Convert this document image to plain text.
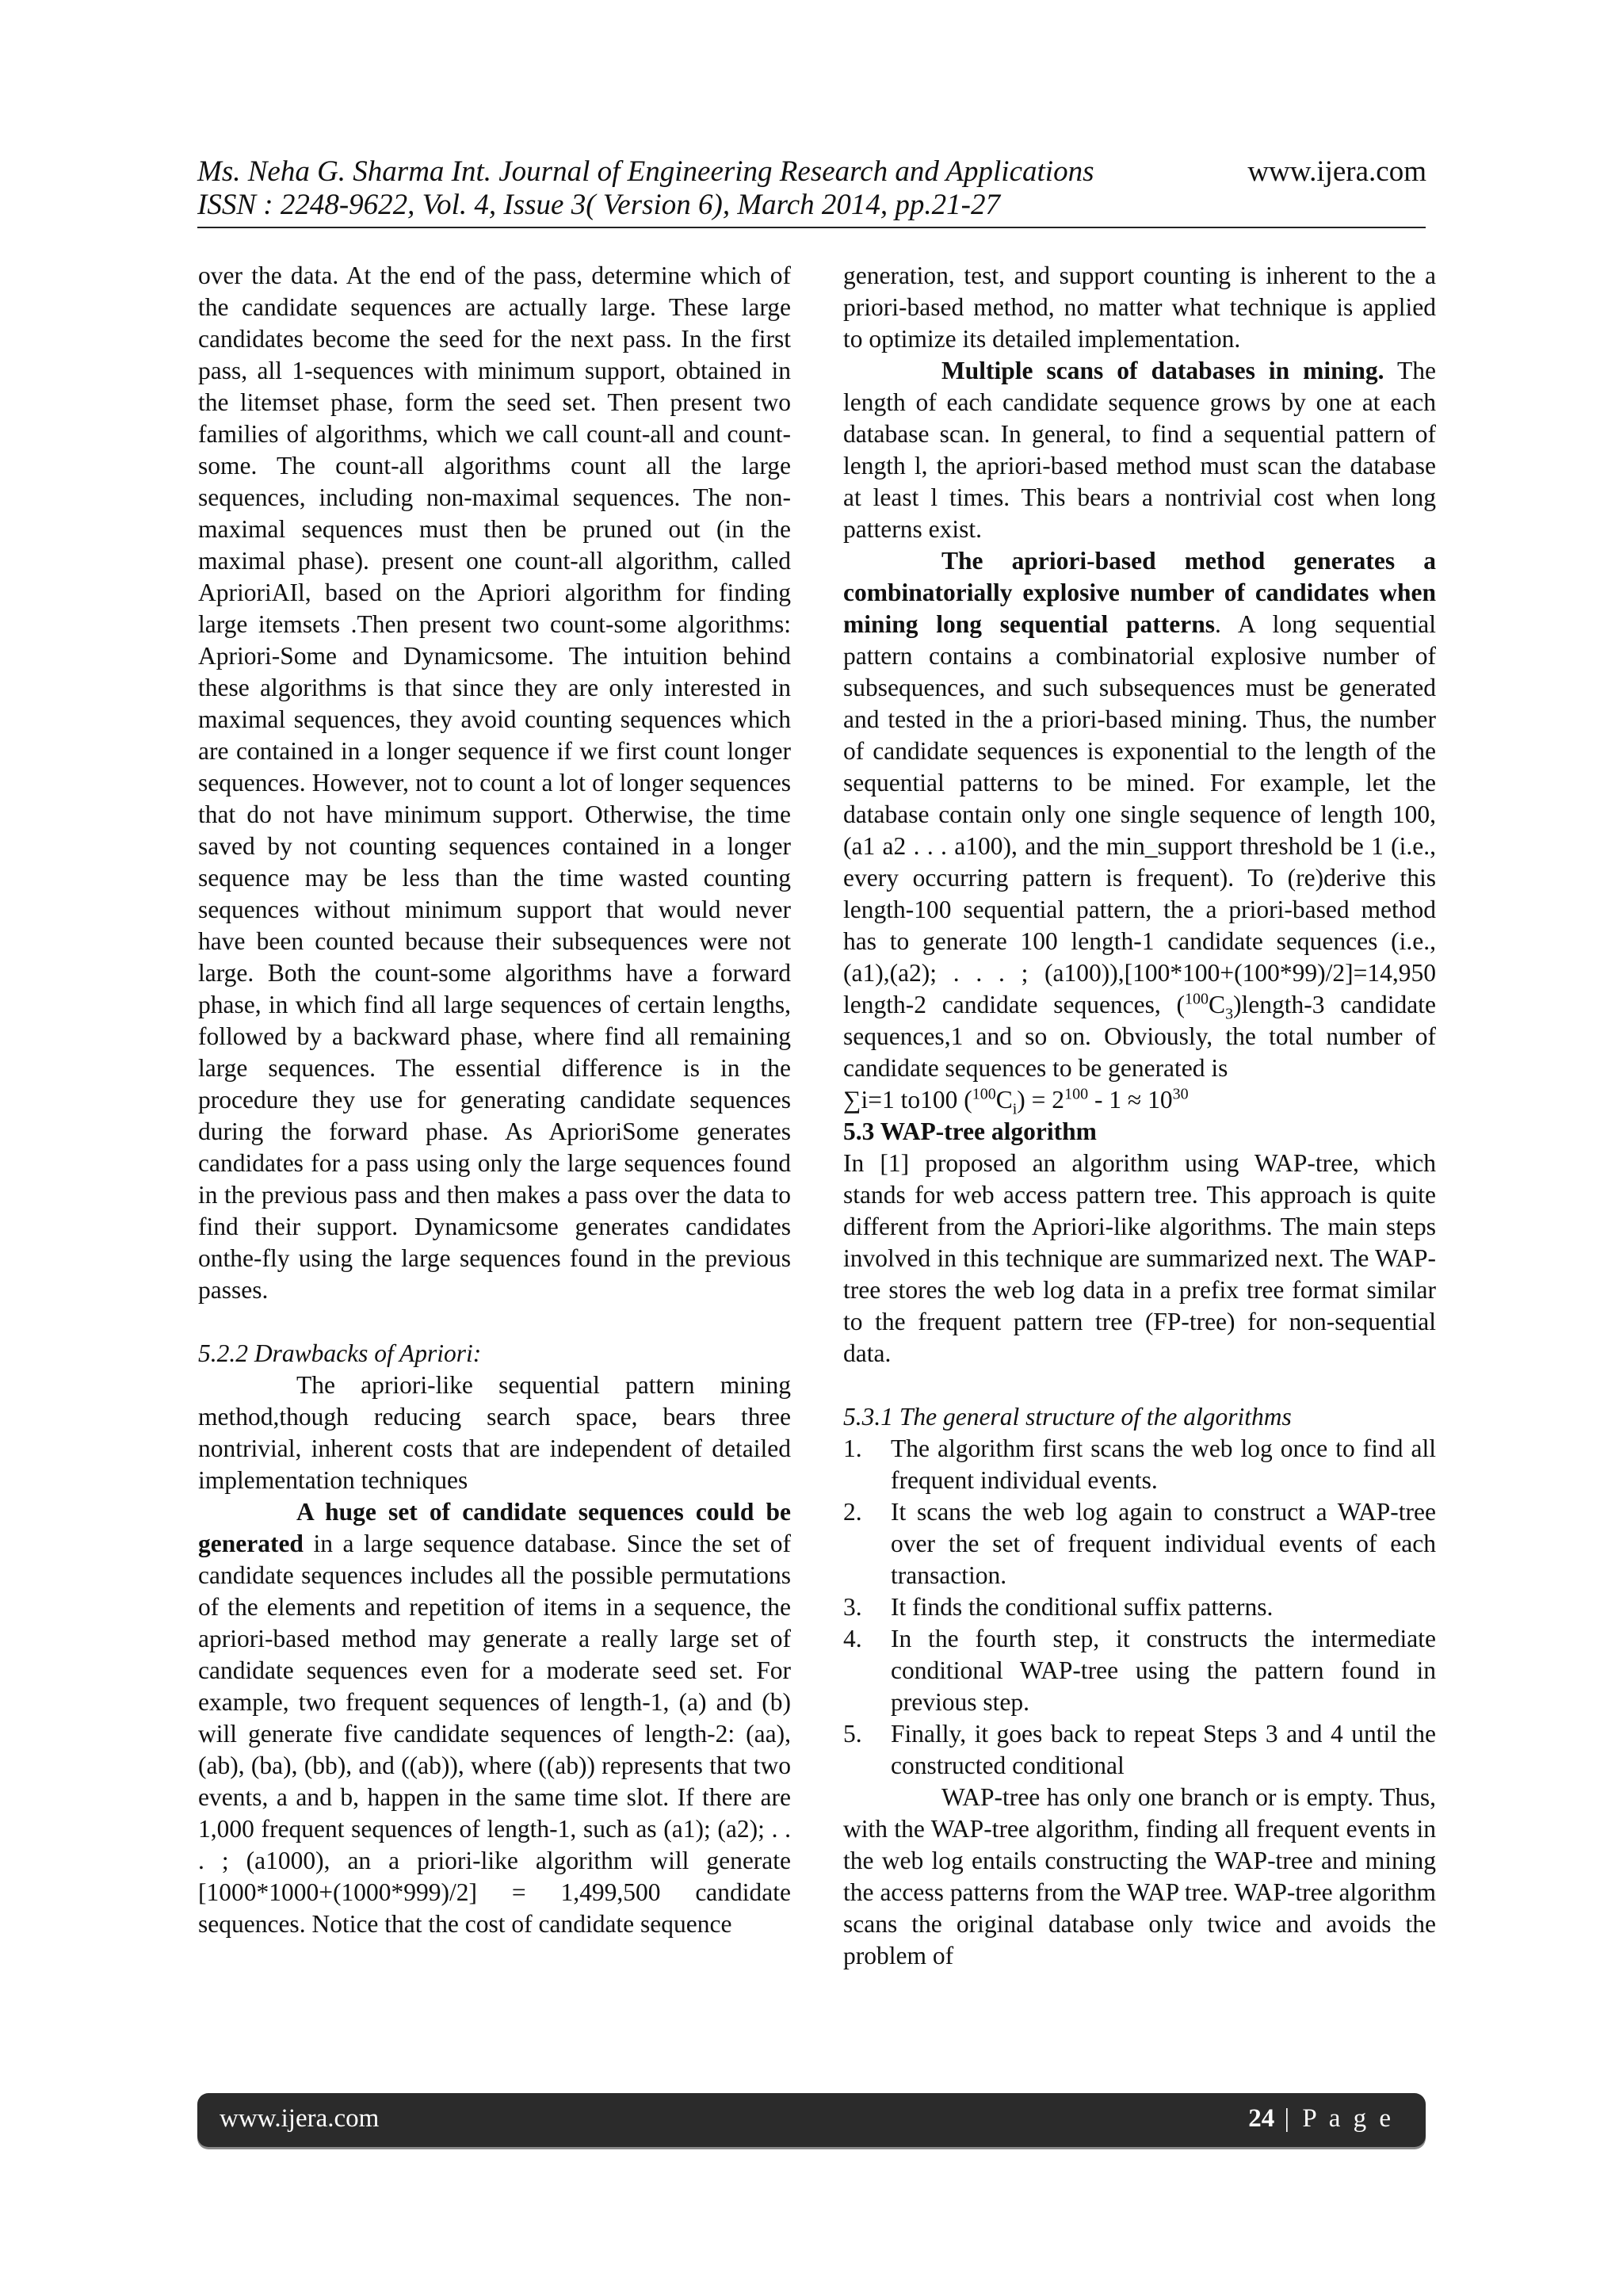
Ms. Neha G. Sharma Int. Journal of Engineering Research and Applications
ISSN : 2248-9622, Vol. 4, Issue 3( Version 6), March 2014, pp.21-27
www.ijera.com

over the data. At the end of the pass, determine which of the candidate sequences are actually large. These large candidates become the seed for the next pass. In the first pass, all 1-sequences with minimum support, obtained in the litemset phase, form the seed set. Then present two families of algorithms, which we call count-all and count-some. The count-all algorithms count all the large sequences, including non-maximal sequences. The non-maximal sequences must then be pruned out (in the maximal phase). present one count-all algorithm, called AprioriAIl, based on the Apriori algorithm for finding large itemsets .Then present two count-some algorithms: Apriori-Some and Dynamicsome. The intuition behind these algorithms is that since they are only interested in maximal sequences, they avoid counting sequences which are contained in a longer sequence if we first count longer sequences. However, not to count a lot of longer sequences that do not have minimum support. Otherwise, the time saved by not counting sequences contained in a longer sequence may be less than the time wasted counting sequences without minimum support that would never have been counted because their subsequences were not large. Both the count-some algorithms have a forward phase, in which find all large sequences of certain lengths, followed by a backward phase, where find all remaining large sequences. The essential difference is in the procedure they use for generating candidate sequences during the forward phase. As AprioriSome generates candidates for a pass using only the large sequences found in the previous pass and then makes a pass over the data to find their support. Dynamicsome generates candidates onthe-fly using the large sequences found in the previous passes.

5.2.2 Drawbacks of Apriori:

The apriori-like sequential pattern mining method,though reducing search space, bears three nontrivial, inherent costs that are independent of detailed implementation techniques

A huge set of candidate sequences could be generated in a large sequence database. Since the set of candidate sequences includes all the possible permutations of the elements and repetition of items in a sequence, the apriori-based method may generate a really large set of candidate sequences even for a moderate seed set. For example, two frequent sequences of length-1, (a) and (b) will generate five candidate sequences of length-2: (aa), (ab), (ba), (bb), and ((ab)), where ((ab)) represents that two events, a and b, happen in the same time slot. If there are 1,000 frequent sequences of length-1, such as (a1); (a2); . . . ; (a1000), an a priori-like algorithm will generate [1000*1000+(1000*999)/2] = 1,499,500 candidate sequences. Notice that the cost of candidate sequence

generation, test, and support counting is inherent to the a priori-based method, no matter what technique is applied to optimize its detailed implementation.

Multiple scans of databases in mining. The length of each candidate sequence grows by one at each database scan. In general, to find a sequential pattern of length l, the apriori-based method must scan the database at least l times. This bears a nontrivial cost when long patterns exist.

The apriori-based method generates a combinatorially explosive number of candidates when mining long sequential patterns. A long sequential pattern contains a combinatorial explosive number of subsequences, and such subsequences must be generated and tested in the a priori-based mining. Thus, the number of candidate sequences is exponential to the length of the sequential patterns to be mined. For example, let the database contain only one single sequence of length 100, (a1 a2 . . . a100), and the min_support threshold be 1 (i.e., every occurring pattern is frequent). To (re)derive this length-100 sequential pattern, the a priori-based method has to generate 100 length-1 candidate sequences (i.e., (a1),(a2); . . . ; (a100)),[100*100+(100*99)/2]=14,950 length-2 candidate sequences, $(^{100}C_3)length-3$ candidate sequences,1 and so on. Obviously, the total number of candidate sequences to be generated is

∑i=1 to100 $(^{100}C_i) = 2^{100} - 1 \approx 10^{30}$

5.3 WAP-tree algorithm

In [1] proposed an algorithm using WAP-tree, which stands for web access pattern tree. This approach is quite different from the Apriori-like algorithms. The main steps involved in this technique are summarized next. The WAP-tree stores the web log data in a prefix tree format similar to the frequent pattern tree (FP-tree) for non-sequential data.

5.3.1 The general structure of the algorithms

1. The algorithm first scans the web log once to find all frequent individual events.
2. It scans the web log again to construct a WAP-tree over the set of frequent individual events of each transaction.
3. It finds the conditional suffix patterns.
4. In the fourth step, it constructs the intermediate conditional WAP-tree using the pattern found in previous step.
5. Finally, it goes back to repeat Steps 3 and 4 until the constructed conditional

WAP-tree has only one branch or is empty. Thus, with the WAP-tree algorithm, finding all frequent events in the web log entails constructing the WAP-tree and mining the access patterns from the WAP tree. WAP-tree algorithm scans the original database only twice and avoids the problem of

www.ijera.com	24 | P a g e
